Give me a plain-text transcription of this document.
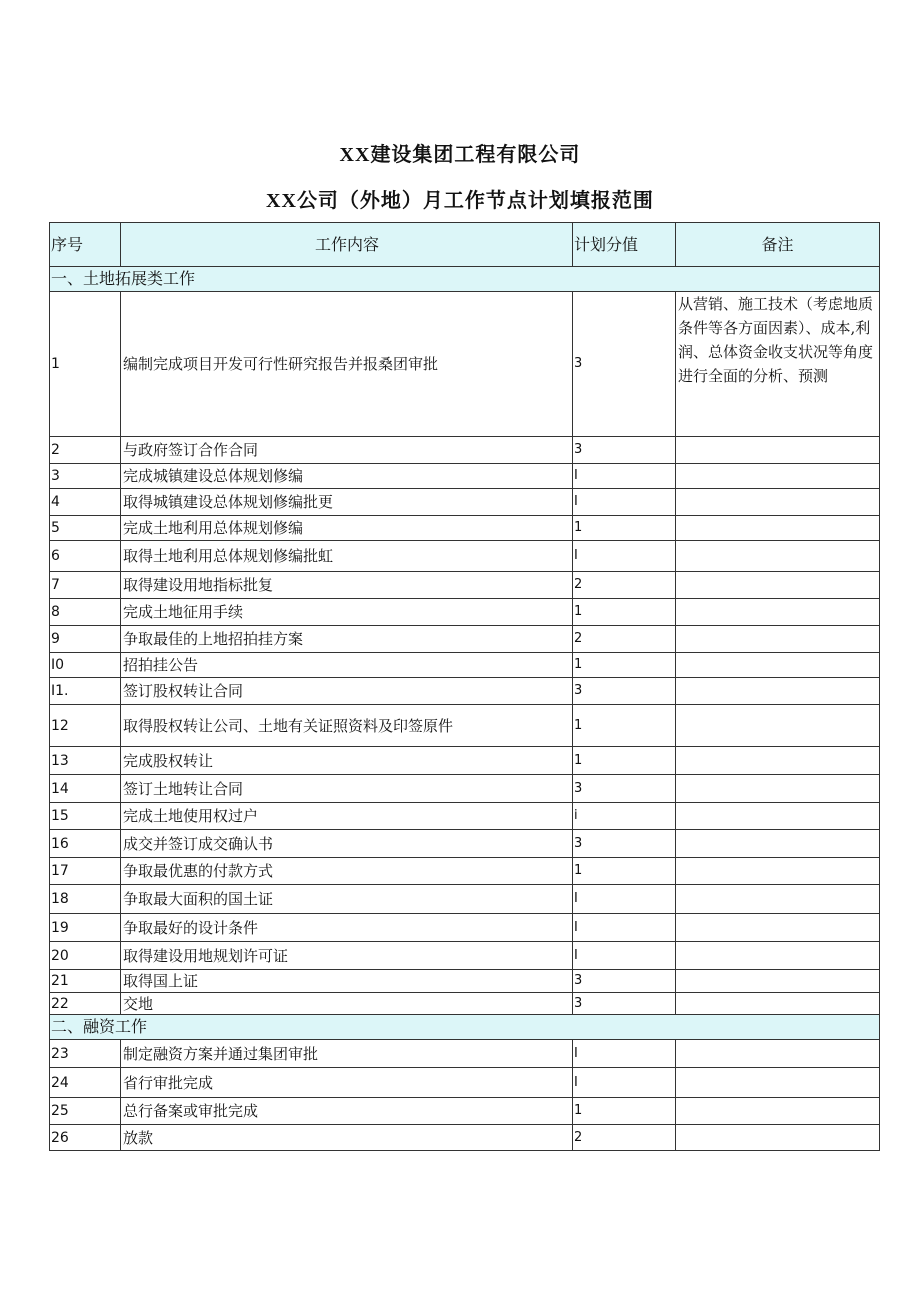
XX建设集团工程有限公司
XX公司（外地）月工作节点计划填报范围
序号	工作内容	计划分值	备注
一、土地拓展类工作			
1	编制完成项目开发可行性研究报告并报桑团审批	3	从营销、施工技术（考虑地质条件等各方面因素）、成本,利润、总体资金收支状况等角度进行全面的分析、预测
2	与政府签订合作合同	3	
3	完成城镇建设总体规划修编	I	
4	取得城镇建设总体规划修编批更	I	
5	完成土地利用总体规划修编	1	
6	取得土地利用总体规划修编批虹	I	
7	取得建设用地指标批复	2	
8	完成土地征用手续	1	
9	争取最佳的上地招拍挂方案	2	
I0	招拍挂公告	1	
I1.	签订股权转让合同	3	
12	取得股权转让公司、土地有关证照资料及印签原件	1	
13	完成股权转让	1	
14	签订土地转让合同	3	
15	完成土地使用权过户	i	
16	成交并签订成交确认书	3	
17	争取最优惠的付款方式	1	
18	争取最大面积的国土证	I	
19	争取最好的设计条件	I	
20	取得建设用地规划许可证	I	
21	取得国上证	3	
22	交地	3	
二、融资工作			
23	制定融资方案并通过集团审批	I	
24	省行审批完成	I	
25	总行备案或审批完成	1	
26	放款	2	
